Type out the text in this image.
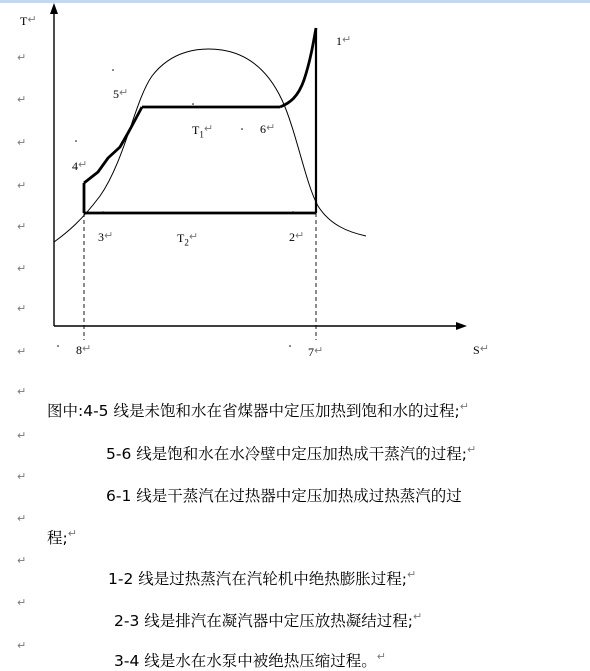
T ↵
S ↵
1 ↵
5 ↵
6 ↵
4 ↵
3 ↵	2 ↵
8 ↵	7 ↵
$T_1$ ↵
$T_2$ ↵
↵
↵
↵
↵
↵
↵
↵
↵
↵
↵
↵
↵
↵
↵
↵
图中:4-5 线是未饱和水在省煤器中定压加热到饱和水的过程; ↵
5-6 线是饱和水在水冷壁中定压加热成干蒸汽的过程; ↵
6-1 线是干蒸汽在过热器中定压加热成过热蒸汽的过
程; ↵
1-2 线是过热蒸汽在汽轮机中绝热膨胀过程; ↵
2-3 线是排汽在凝汽器中定压放热凝结过程; ↵
3-4 线是水在水泵中被绝热压缩过程。 ↵
